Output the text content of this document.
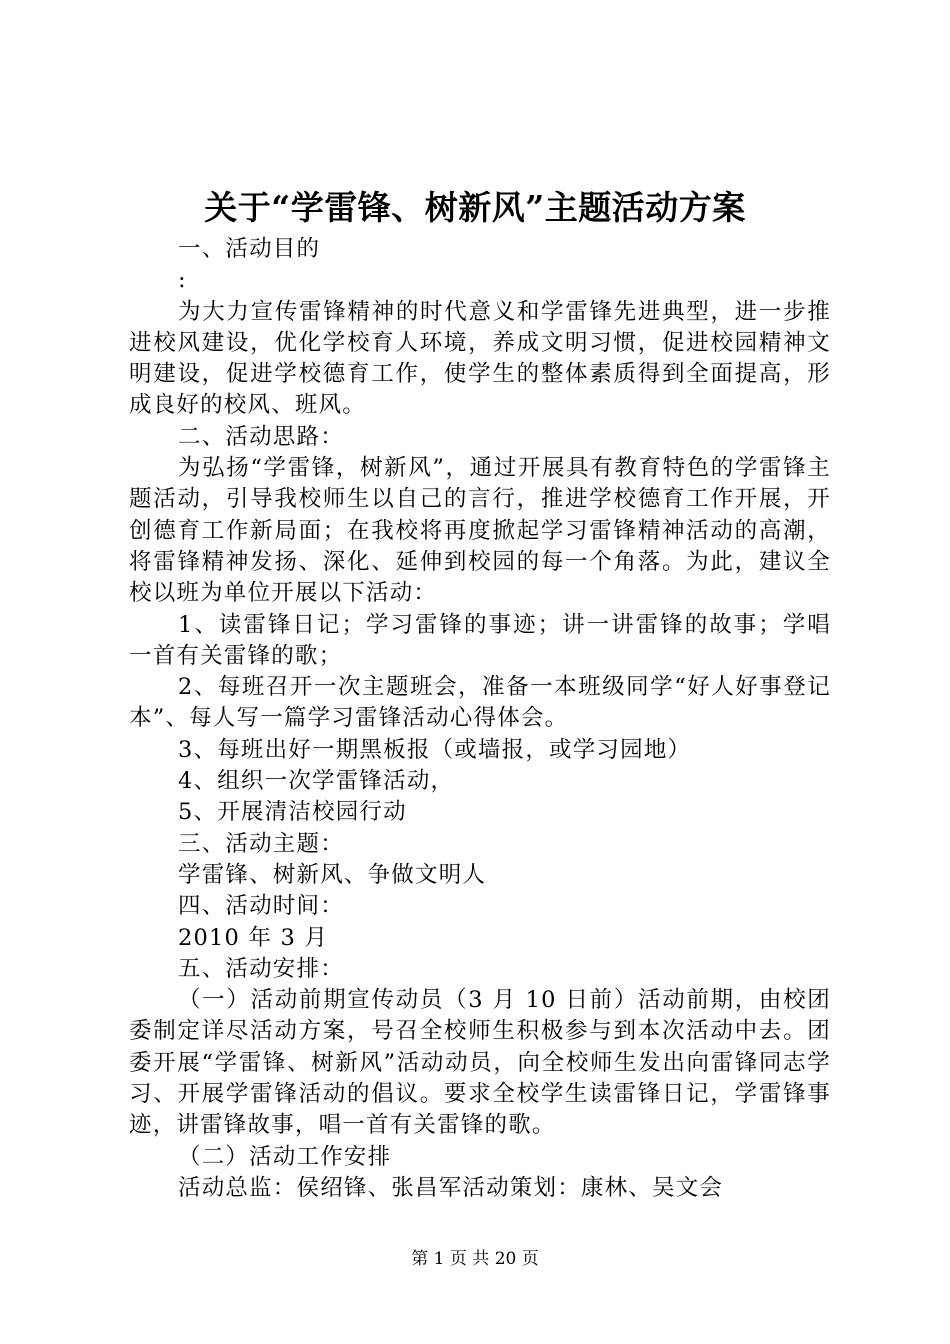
关于“学雷锋、树新风”主题活动方案

一、活动目的

:

为大力宣传雷锋精神的时代意义和学雷锋先进典型，进一步推进校风建设，优化学校育人环境，养成文明习惯，促进校园精神文明建设，促进学校德育工作，使学生的整体素质得到全面提高，形成良好的校风、班风。

二、活动思路：

为弘扬“学雷锋，树新风”，通过开展具有教育特色的学雷锋主题活动，引导我校师生以自己的言行，推进学校德育工作开展，开创德育工作新局面；在我校将再度掀起学习雷锋精神活动的高潮，将雷锋精神发扬、深化、延伸到校园的每一个角落。为此，建议全校以班为单位开展以下活动：

1、读雷锋日记；学习雷锋的事迹；讲一讲雷锋的故事；学唱一首有关雷锋的歌；

2、每班召开一次主题班会，准备一本班级同学“好人好事登记本”、每人写一篇学习雷锋活动心得体会。

3、每班出好一期黑板报（或墙报，或学习园地）

4、组织一次学雷锋活动，

5、开展清洁校园行动

三、活动主题：

学雷锋、树新风、争做文明人

四、活动时间：

2010 年 3 月

五、活动安排：

（一）活动前期宣传动员（3 月 10 日前）活动前期，由校团委制定详尽活动方案，号召全校师生积极参与到本次活动中去。团委开展“学雷锋、树新风”活动动员，向全校师生发出向雷锋同志学习、开展学雷锋活动的倡议。要求全校学生读雷锋日记，学雷锋事迹，讲雷锋故事，唱一首有关雷锋的歌。

（二）活动工作安排

活动总监：侯绍锋、张昌军活动策划：康林、吴文会

第 1 页 共 20 页
